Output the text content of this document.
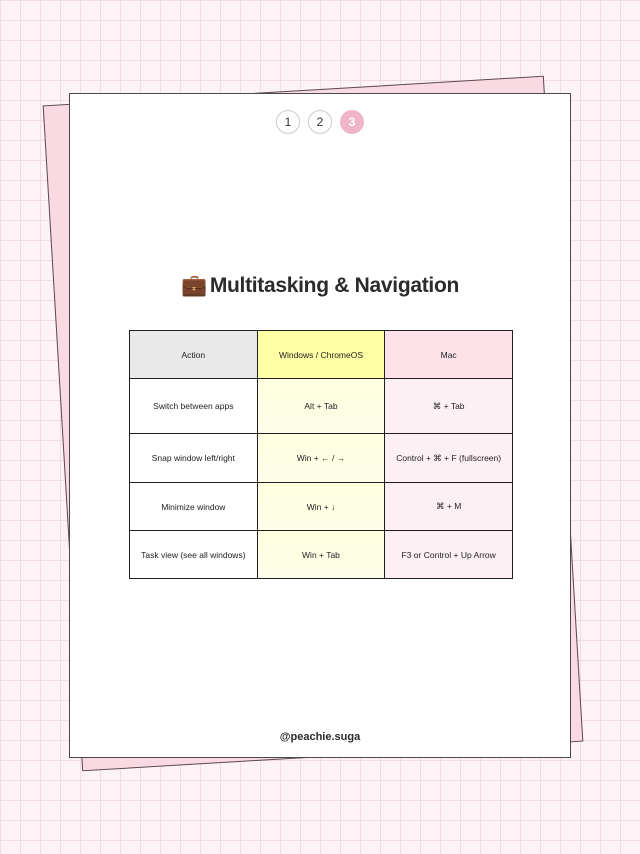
1	2	3
💼 Multitasking & Navigation
Action	Windows / ChromeOS	Mac
Switch between apps	Alt + Tab	⌘ + Tab
Snap window left/right	Win + ← / →	Control + ⌘ + F (fullscreen)
Minimize window	Win + ↓	⌘ + M
Task view (see all windows)	Win + Tab	F3 or Control + Up Arrow
@peachie.suga
